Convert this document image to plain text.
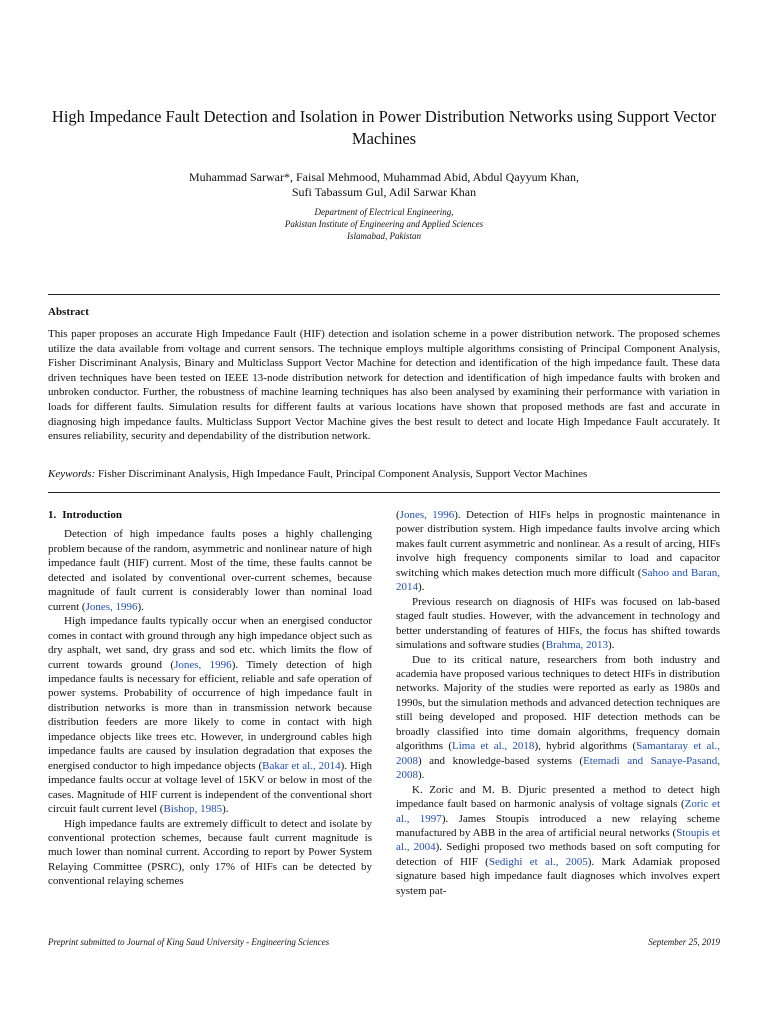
High Impedance Fault Detection and Isolation in Power Distribution Networks using Support Vector Machines
Muhammad Sarwar*, Faisal Mehmood, Muhammad Abid, Abdul Qayyum Khan,
Sufi Tabassum Gul, Adil Sarwar Khan
Department of Electrical Engineering,
Pakistan Institute of Engineering and Applied Sciences
Islamabad, Pakistan
Abstract
This paper proposes an accurate High Impedance Fault (HIF) detection and isolation scheme in a power distribution network. The proposed schemes utilize the data available from voltage and current sensors. The technique employs multiple algorithms consisting of Principal Component Analysis, Fisher Discriminant Analysis, Binary and Multiclass Support Vector Machine for detection and identification of the high impedance fault. These data driven techniques have been tested on IEEE 13-node distribution network for detection and identification of high impedance faults with broken and unbroken conductor. Further, the robustness of machine learning techniques has also been analysed by examining their performance with variation in loads for different faults. Simulation results for different faults at various locations have shown that proposed methods are fast and accurate in diagnosing high impedance faults. Multiclass Support Vector Machine gives the best result to detect and locate High Impedance Fault accurately. It ensures reliability, security and dependability of the distribution network.
Keywords: Fisher Discriminant Analysis, High Impedance Fault, Principal Component Analysis, Support Vector Machines
1. Introduction

Detection of high impedance faults poses a highly challenging problem because of the random, asymmetric and nonlinear nature of high impedance fault (HIF) current. Most of the time, these faults cannot be detected and isolated by conventional over-current schemes, because magnitude of fault current is considerably lower than nominal load current (Jones, 1996).

High impedance faults typically occur when an energised conductor comes in contact with ground through any high impedance object such as dry asphalt, wet sand, dry grass and sod etc. which limits the flow of current towards ground (Jones, 1996). Timely detection of high impedance faults is necessary for efficient, reliable and safe operation of power systems. Probability of occurrence of high impedance fault in distribution networks is more than in transmission network because distribution feeders are more likely to come in contact with high impedance objects like trees etc. However, in underground cables high impedance faults are caused by insulation degradation that exposes the energised conductor to high impedance objects (Bakar et al., 2014). High impedance faults occur at voltage level of 15KV or below in most of the cases. Magnitude of HIF current is independent of the conventional short circuit fault current level (Bishop, 1985).

High impedance faults are extremely difficult to detect and isolate by conventional protection schemes, because fault current magnitude is much lower than nominal current. According to report by Power System Relaying Committee (PSRC), only 17% of HIFs can be detected by conventional relaying schemes

(Jones, 1996). Detection of HIFs helps in prognostic maintenance in power distribution system. High impedance faults involve arcing which makes fault current asymmetric and nonlinear. As a result of arcing, HIFs involve high frequency components similar to load and capacitor switching which makes detection much more difficult (Sahoo and Baran, 2014).

Previous research on diagnosis of HIFs was focused on lab-based staged fault studies. However, with the advancement in technology and better understanding of features of HIFs, the focus has shifted towards simulations and software studies (Brahma, 2013).

Due to its critical nature, researchers from both industry and academia have proposed various techniques to detect HIFs in distribution networks. Majority of the studies were reported as early as 1980s and 1990s, but the simulation methods and advanced detection techniques are still being developed and proposed. HIF detection methods can be broadly classified into time domain algorithms, frequency domain algorithms (Lima et al., 2018), hybrid algorithms (Samantaray et al., 2008) and knowledge-based systems (Etemadi and Sanaye-Pasand, 2008).

K. Zoric and M. B. Djuric presented a method to detect high impedance fault based on harmonic analysis of voltage signals (Zoric et al., 1997). James Stoupis introduced a new relaying scheme manufactured by ABB in the area of artificial neural networks (Stoupis et al., 2004). Sedighi proposed two methods based on soft computing for detection of HIF (Sedighi et al., 2005). Mark Adamiak proposed signature based high impedance fault diagnoses which involves expert system pat-

Preprint submitted to Journal of King Saud University - Engineering Sciences	September 25, 2019
